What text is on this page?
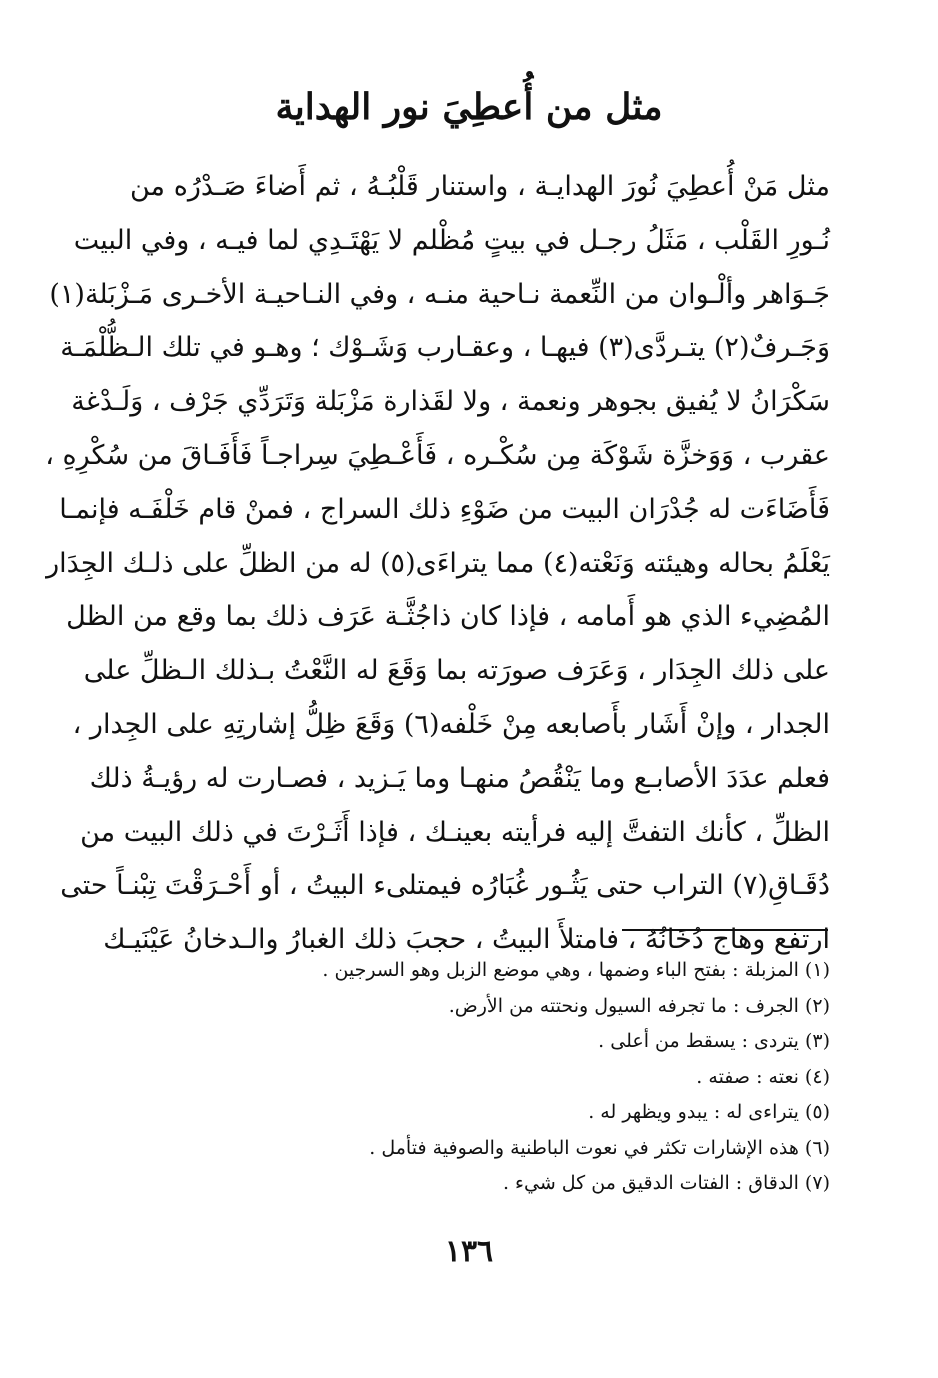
مثل من أُعطِيَ نور الهداية
مثل مَنْ أُعطِيَ نُورَ الهدايـة ، واستنار قَلْبُـهُ ، ثم أَضاءَ صَـدْرُه من
نُـورِ القَلْب ، مَثَلُ رجـل في بيتٍ مُظْلم لا يَهْتَـدِي لما فيـه ، وفي البيت
جَـوَاهر وألْـوان من النِّعمة نـاحية منـه ، وفي النـاحيـة الأخـرى مَـزْبَلة(١)
وَجَـرفٌ(٢) يتـردَّى(٣) فيهـا ، وعقـارب وَشَـوْك ؛ وهـو في تلك الـظُّلْمَـة
سَكْرَانُ لا يُفيق بجوهر ونعمة ، ولا لقَذارة مَزْبَلة وَتَرَدِّي جَرْف ، وَلَـدْغة
عقرب ، وَوَخزَّة شَوْكَة مِن سُكْـره ، فَأَعْـطِيَ سِراجـاً فَأَفَـاقَ من سُكْرِهِ ،
فَأَضَاءَت له جُدْرَان البيت من ضَوْءِ ذلك السراج ، فمنْ قام خَلْفَـه فإنمـا
يَعْلَمُ بحاله وهيئته وَنَعْته(٤) مما يتراءَى(٥) له من الظلِّ على ذلـك الجِدَار
المُضِيء الذي هو أَمامه ، فإذا كان ذاجُثَّـة عَرَف ذلك بما وقع من الظل
على ذلك الجِدَار ، وَعَرَف صورَته بما وَقَعَ له النَّعْتُ بـذلك الـظلِّ على
الجدار ، وإنْ أَشَار بأَصابعه مِنْ خَلْفه(٦) وَقَعَ ظِلُّ إشارتِهِ على الجِدار ،
فعلم عدَدَ الأصابـع وما يَنْقُصُ منهـا وما يَـزيد ، فصـارت له رؤيـةُ ذلك
الظلِّ ، كأنك التفتَّ إليه فرأيته بعينـك ، فإذا أَثَـرْتَ في ذلك البيت من
دُقَـاقِ(٧) التراب حتى يَثُـور غُبَارُه فيمتلىء البيتُ ، أو أَحْـرَقْتَ تِبْنـاً حتى
ارتفع وهاج دُخَانُهُ ، فامتلأَ البيتُ ، حجبَ ذلك الغبارُ والـدخانُ عَيْنَيـك
(١) المزبلة : بفتح الباء وضمها ، وهي موضع الزبل وهو السرجين .
(٢) الجرف : ما تجرفه السيول ونحتته من الأرض.
(٣) يتردى : يسقط من أعلى .
(٤) نعته : صفته .
(٥) يتراءى له : يبدو ويظهر له .
(٦) هذه الإشارات تكثر في نعوت الباطنية والصوفية فتأمل .
(٧) الدقاق : الفتات الدقيق من كل شيء .
١٣٦
